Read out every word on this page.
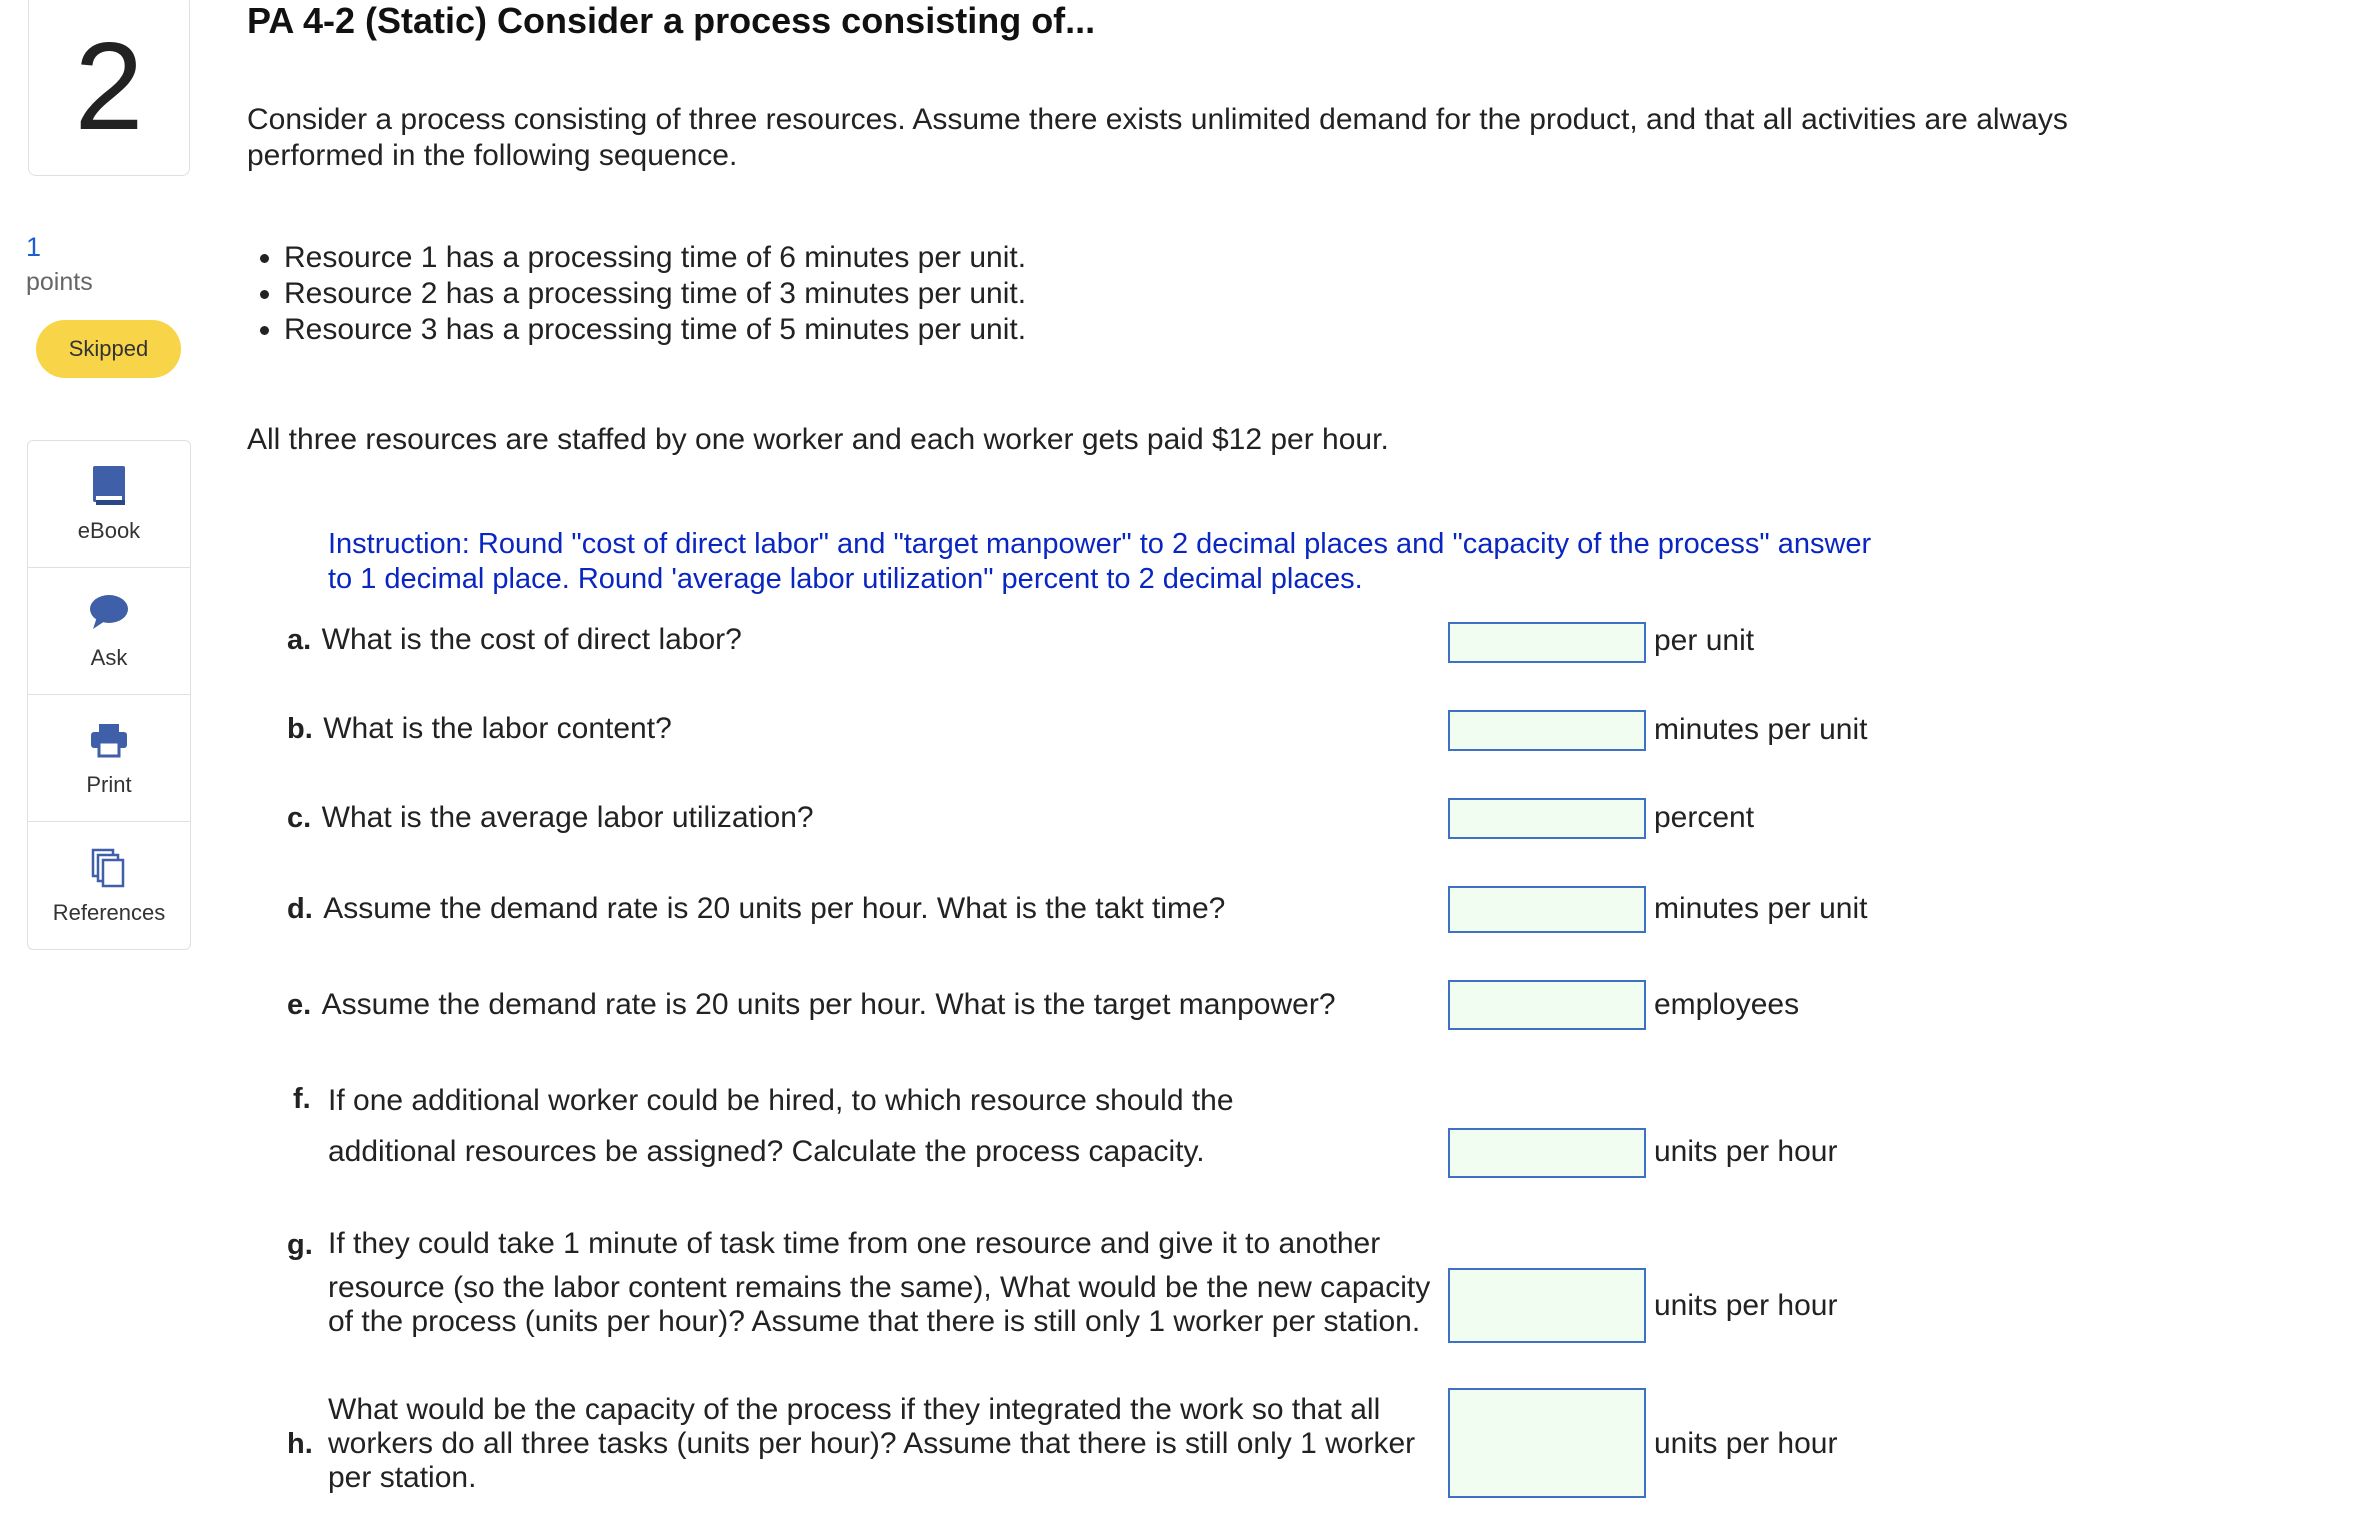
2
1
points
Skipped
eBook
Ask
Print
References
PA 4-2 (Static) Consider a process consisting of...
Consider a process consisting of three resources. Assume there exists unlimited demand for the product, and that all activities are always performed in the following sequence.
• Resource 1 has a processing time of 6 minutes per unit.
• Resource 2 has a processing time of 3 minutes per unit.
• Resource 3 has a processing time of 5 minutes per unit.
All three resources are staffed by one worker and each worker gets paid $12 per hour.
Instruction: Round "cost of direct labor" and "target manpower" to 2 decimal places and "capacity of the process" answer to 1 decimal place. Round 'average labor utilization" percent to 2 decimal places.
a. What is the cost of direct labor?	per unit
b. What is the labor content?	minutes per unit
c. What is the average labor utilization?	percent
d. Assume the demand rate is 20 units per hour. What is the takt time?	minutes per unit
e. Assume the demand rate is 20 units per hour. What is the target manpower?	employees
f. If one additional worker could be hired, to which resource should the
additional resources be assigned? Calculate the process capacity.	units per hour
g. If they could take 1 minute of task time from one resource and give it to another
resource (so the labor content remains the same), What would be the new capacity
of the process (units per hour)? Assume that there is still only 1 worker per station.	units per hour
h.
What would be the capacity of the process if they integrated the work so that all
workers do all three tasks (units per hour)? Assume that there is still only 1 worker
per station.
units per hour
